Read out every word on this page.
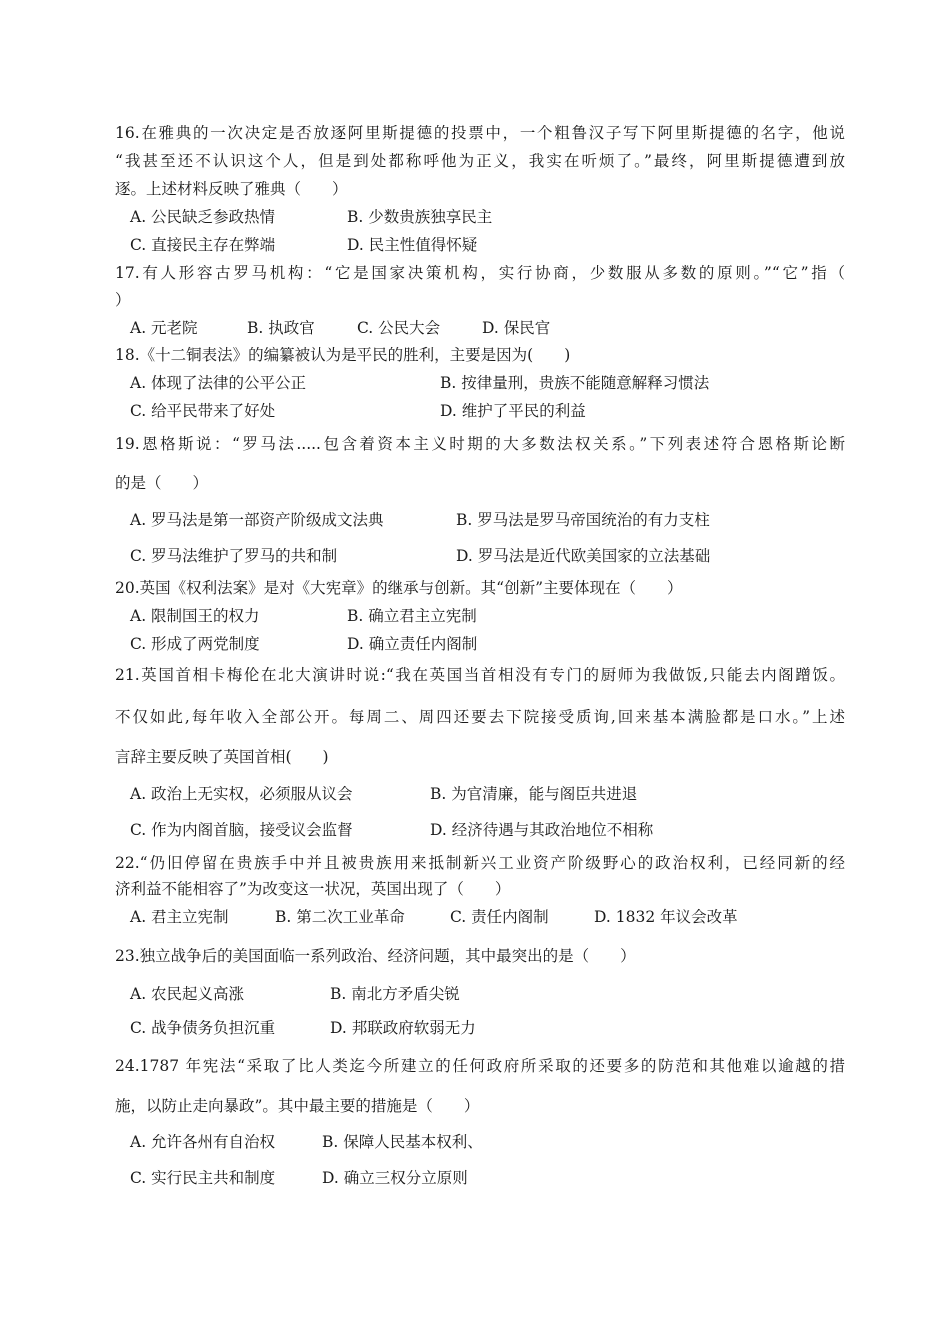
16.在雅典的一次决定是否放逐阿里斯提德的投票中，一个粗鲁汉子写下阿里斯提德的名字，他说
“我甚至还不认识这个人，但是到处都称呼他为正义，我实在听烦了。”最终，阿里斯提德遭到放
逐。上述材料反映了雅典（　　）
A. 公民缺乏参政热情	B. 少数贵族独享民主
C. 直接民主存在弊端	D. 民主性值得怀疑
17.有人形容古罗马机构：“它是国家决策机构，实行协商，少数服从多数的原则。”“它”指（
）
A. 元老院	B. 执政官	C. 公民大会	D. 保民官
18.《十二铜表法》的编纂被认为是平民的胜利，主要是因为(　　)
A. 体现了法律的公平公正	B. 按律量刑，贵族不能随意解释习惯法
C. 给平民带来了好处	D. 维护了平民的利益
19.恩格斯说：“罗马法.....包含着资本主义时期的大多数法权关系。”下列表述符合恩格斯论断
的是（　　）
A. 罗马法是第一部资产阶级成文法典	B. 罗马法是罗马帝国统治的有力支柱
C. 罗马法维护了罗马的共和制	D. 罗马法是近代欧美国家的立法基础
20.英国《权利法案》是对《大宪章》的继承与创新。其“创新”主要体现在（　　）
A. 限制国王的权力	B. 确立君主立宪制
C. 形成了两党制度	D. 确立责任内阁制
21.英国首相卡梅伦在北大演讲时说:“我在英国当首相没有专门的厨师为我做饭,只能去内阁蹭饭。
不仅如此,每年收入全部公开。每周二、周四还要去下院接受质询,回来基本满脸都是口水。”上述
言辞主要反映了英国首相(　　)
A. 政治上无实权，必须服从议会	B. 为官清廉，能与阁臣共进退
C. 作为内阁首脑，接受议会监督	D. 经济待遇与其政治地位不相称
22.“仍旧停留在贵族手中并且被贵族用来抵制新兴工业资产阶级野心的政治权利，已经同新的经
济利益不能相容了”为改变这一状况，英国出现了（　　）
A. 君主立宪制	B. 第二次工业革命	C. 责任内阁制	D. 1832 年议会改革
23.独立战争后的美国面临一系列政治、经济问题，其中最突出的是（　　）
A. 农民起义高涨	B. 南北方矛盾尖锐
C. 战争债务负担沉重	D. 邦联政府软弱无力
24.1787 年宪法“采取了比人类迄今所建立的任何政府所采取的还要多的防范和其他难以逾越的措
施，以防止走向暴政”。其中最主要的措施是（　　）
A. 允许各州有自治权	B. 保障人民基本权利、
C. 实行民主共和制度	D. 确立三权分立原则
